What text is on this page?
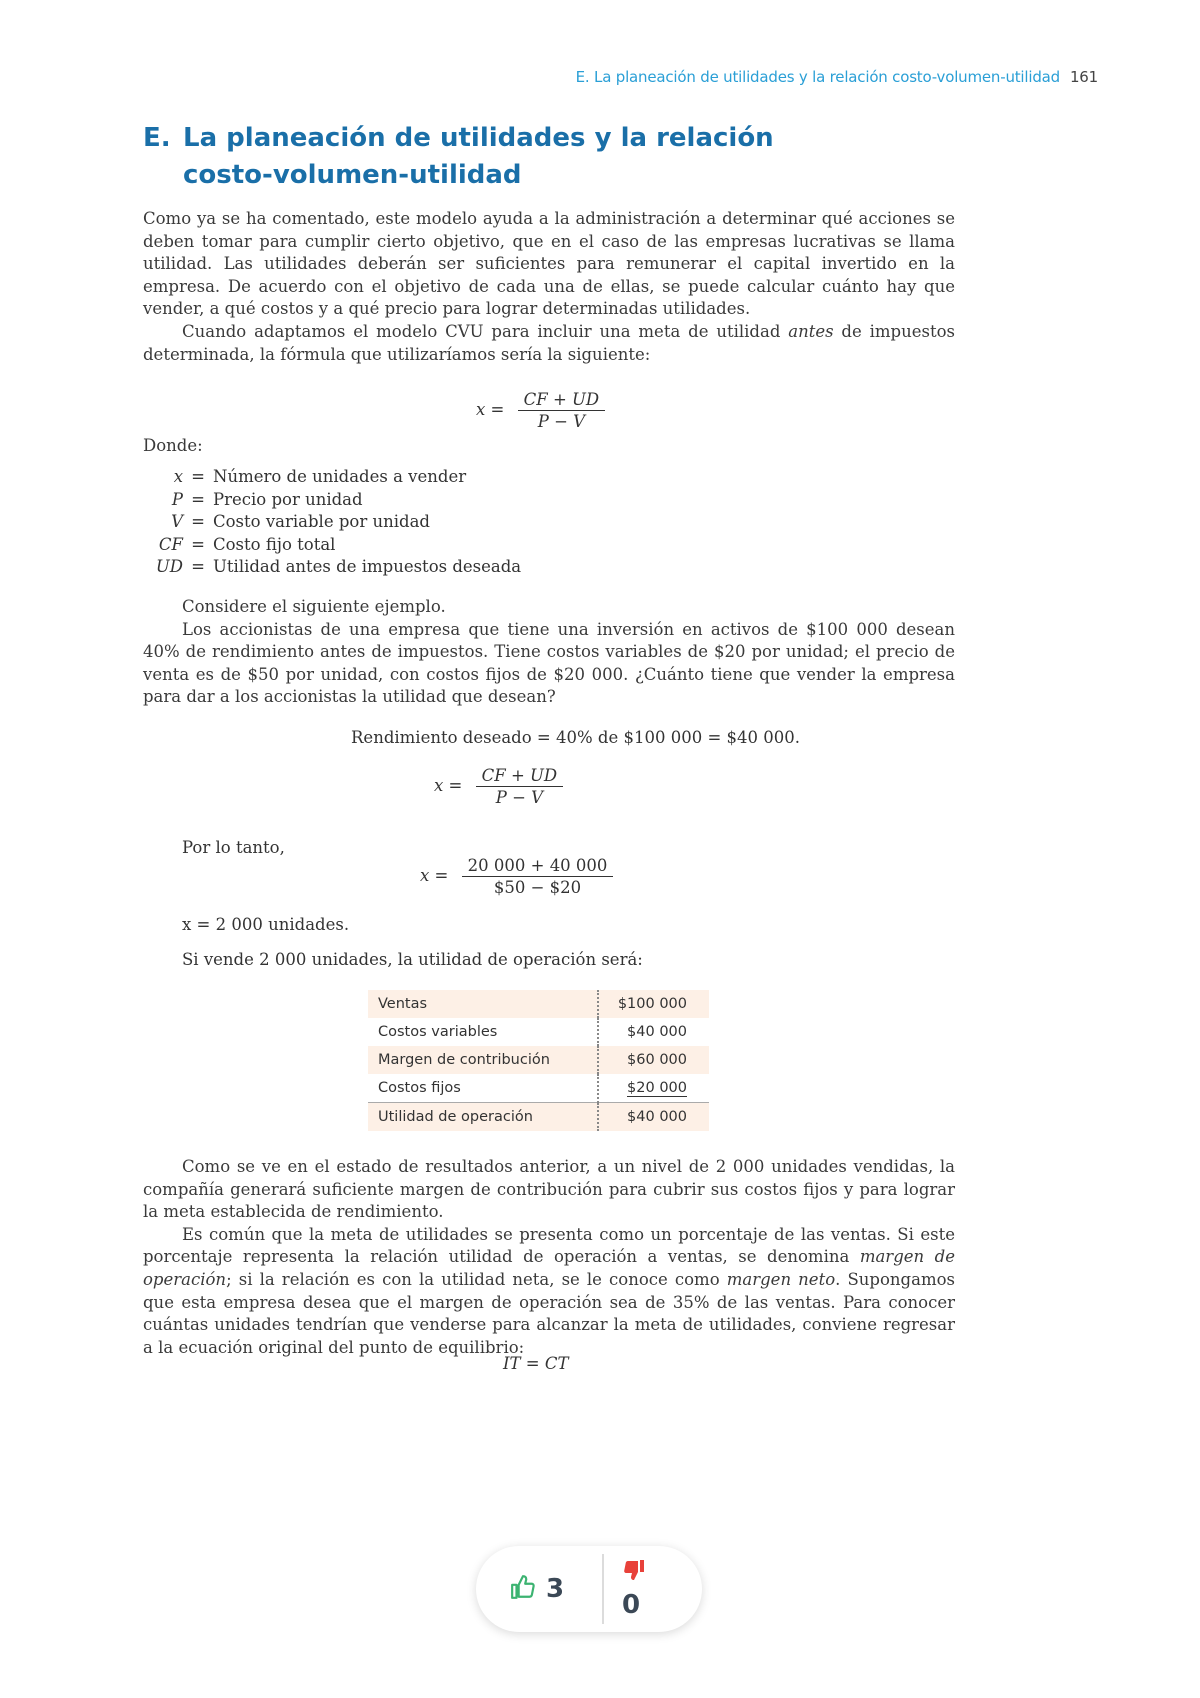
E. La planeación de utilidades y la relación costo-volumen-utilidad 161
E. La planeación de utilidades y la relación
costo-volumen-utilidad

Como ya se ha comentado, este modelo ayuda a la administración a determinar qué acciones se deben tomar para cumplir cierto objetivo, que en el caso de las empresas lucrativas se llama utilidad. Las utilidades deberán ser suficientes para remunerar el capital invertido en la empresa. De acuerdo con el objetivo de cada una de ellas, se puede calcular cuánto hay que vender, a qué costos y a qué precio para lograr determinadas utilidades.

Cuando adaptamos el modelo CVU para incluir una meta de utilidad antes de impuestos determinada, la fórmula que utilizaríamos sería la siguiente:

$x = \frac{CF + UD}{P - V}$

Donde:

x = Número de unidades a vender
P = Precio por unidad
V = Costo variable por unidad
CF = Costo fijo total
UD = Utilidad antes de impuestos deseada

Considere el siguiente ejemplo.

Los accionistas de una empresa que tiene una inversión en activos de $100 000 desean 40% de rendimiento antes de impuestos. Tiene costos variables de $20 por unidad; el precio de venta es de $50 por unidad, con costos fijos de $20 000. ¿Cuánto tiene que vender la empresa para dar a los accionistas la utilidad que desean?

Rendimiento deseado = 40% de $100 000 = $40 000.
$x = \frac{CF + UD}{P - V}$
Por lo tanto,
$x = \frac{20 000 + 40 000}{\$50 - \$20}$
x = 2 000 unidades.
Si vende 2 000 unidades, la utilidad de operación será:
Ventas	$100 000
Costos variables	$40 000
Margen de contribución	$60 000
Costos fijos	$20 000
Utilidad de operación	$40 000

Como se ve en el estado de resultados anterior, a un nivel de 2 000 unidades vendidas, la compañía generará suficiente margen de contribución para cubrir sus costos fijos y para lograr la meta establecida de rendimiento.

Es común que la meta de utilidades se presenta como un porcentaje de las ventas. Si este porcentaje representa la relación utilidad de operación a ventas, se denomina margen de operación; si la relación es con la utilidad neta, se le conoce como margen neto. Supongamos que esta empresa desea que el margen de operación sea de 35% de las ventas. Para conocer cuántas unidades tendrían que venderse para alcanzar la meta de utilidades, conviene regresar a la ecuación original del punto de equilibrio:

IT = CT
3
0
